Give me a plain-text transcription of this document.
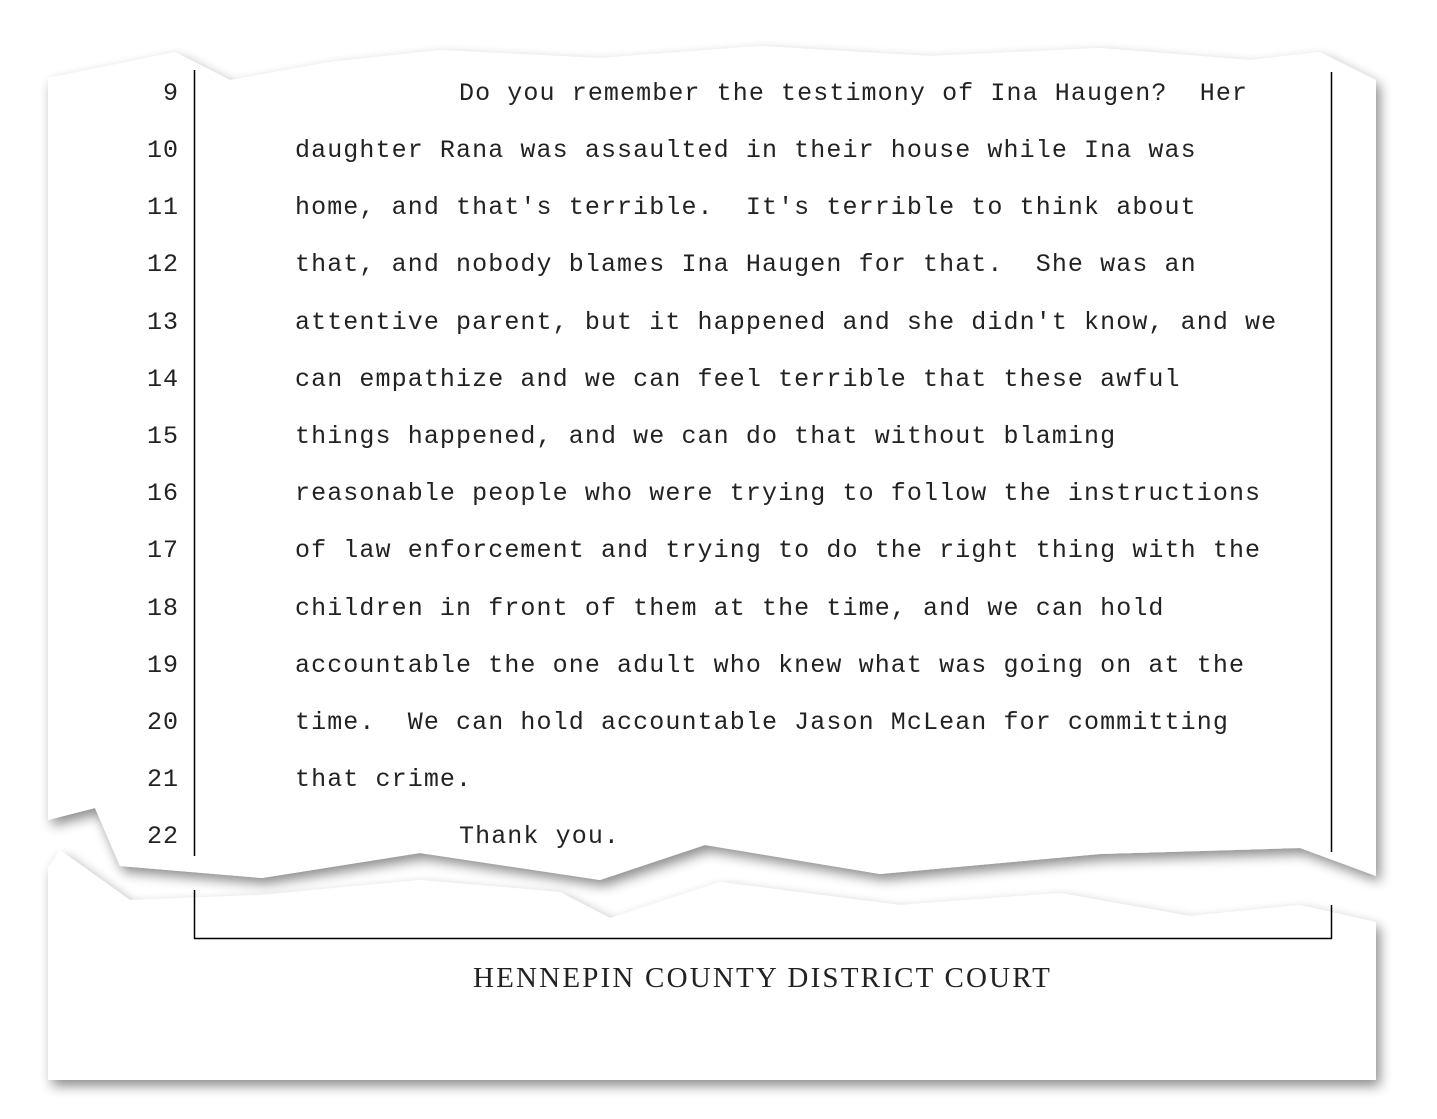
9	Do you remember the testimony of Ina Haugen?  Her
10	daughter Rana was assaulted in their house while Ina was
11	home, and that's terrible.  It's terrible to think about
12	that, and nobody blames Ina Haugen for that.  She was an
13	attentive parent, but it happened and she didn't know, and we
14	can empathize and we can feel terrible that these awful
15	things happened, and we can do that without blaming
16	reasonable people who were trying to follow the instructions
17	of law enforcement and trying to do the right thing with the
18	children in front of them at the time, and we can hold
19	accountable the one adult who knew what was going on at the
20	time.  We can hold accountable Jason McLean for committing
21	that crime.
22	Thank you.
HENNEPIN COUNTY DISTRICT COURT
